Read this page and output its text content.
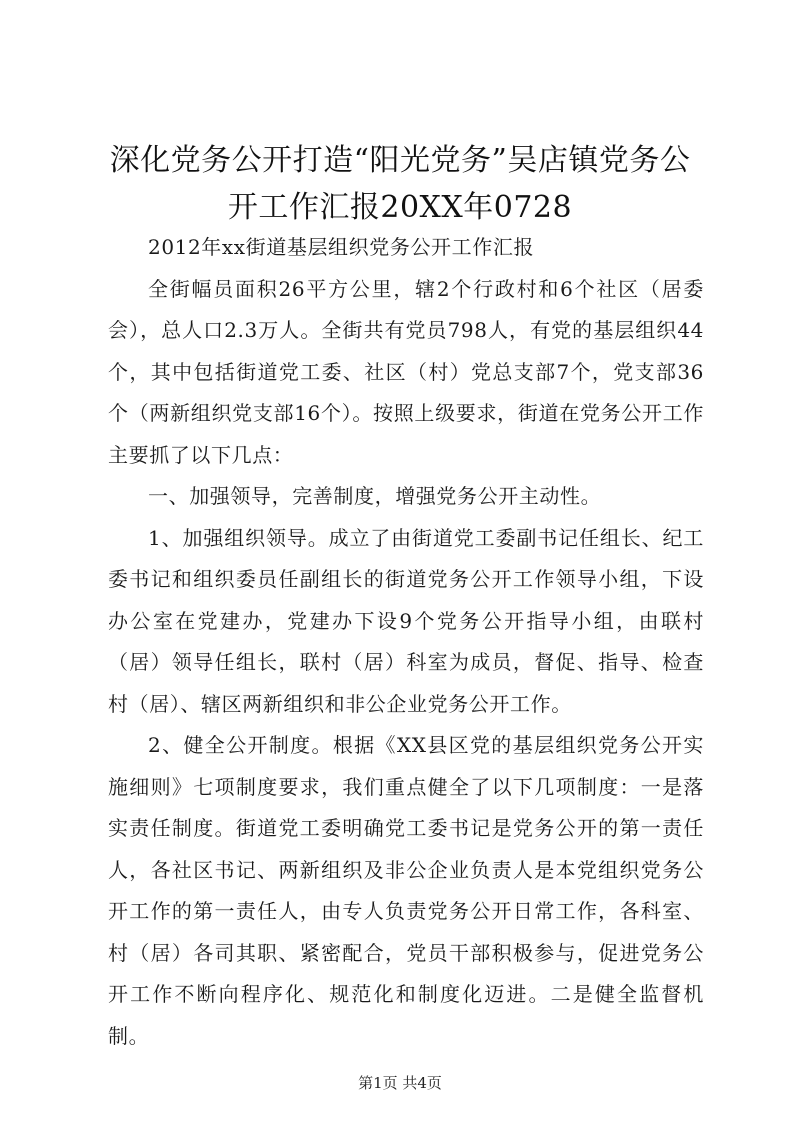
深化党务公开打造“阳光党务”吴店镇党务公
开工作汇报20XX年0728

2012年xx街道基层组织党务公开工作汇报

全街幅员面积26平方公里，辖2个行政村和6个社区（居委会），总人口2.3万人。全街共有党员798人，有党的基层组织44个，其中包括街道党工委、社区（村）党总支部7个，党支部36个（两新组织党支部16个）。按照上级要求，街道在党务公开工作主要抓了以下几点：

一、加强领导，完善制度，增强党务公开主动性。

1、加强组织领导。成立了由街道党工委副书记任组长、纪工委书记和组织委员任副组长的街道党务公开工作领导小组，下设办公室在党建办，党建办下设9个党务公开指导小组，由联村（居）领导任组长，联村（居）科室为成员，督促、指导、检查村（居）、辖区两新组织和非公企业党务公开工作。

2、健全公开制度。根据《XX县区党的基层组织党务公开实施细则》七项制度要求，我们重点健全了以下几项制度：一是落实责任制度。街道党工委明确党工委书记是党务公开的第一责任人，各社区书记、两新组织及非公企业负责人是本党组织党务公开工作的第一责任人，由专人负责党务公开日常工作，各科室、村（居）各司其职、紧密配合，党员干部积极参与，促进党务公开工作不断向程序化、规范化和制度化迈进。二是健全监督机制。

第1页 共4页
